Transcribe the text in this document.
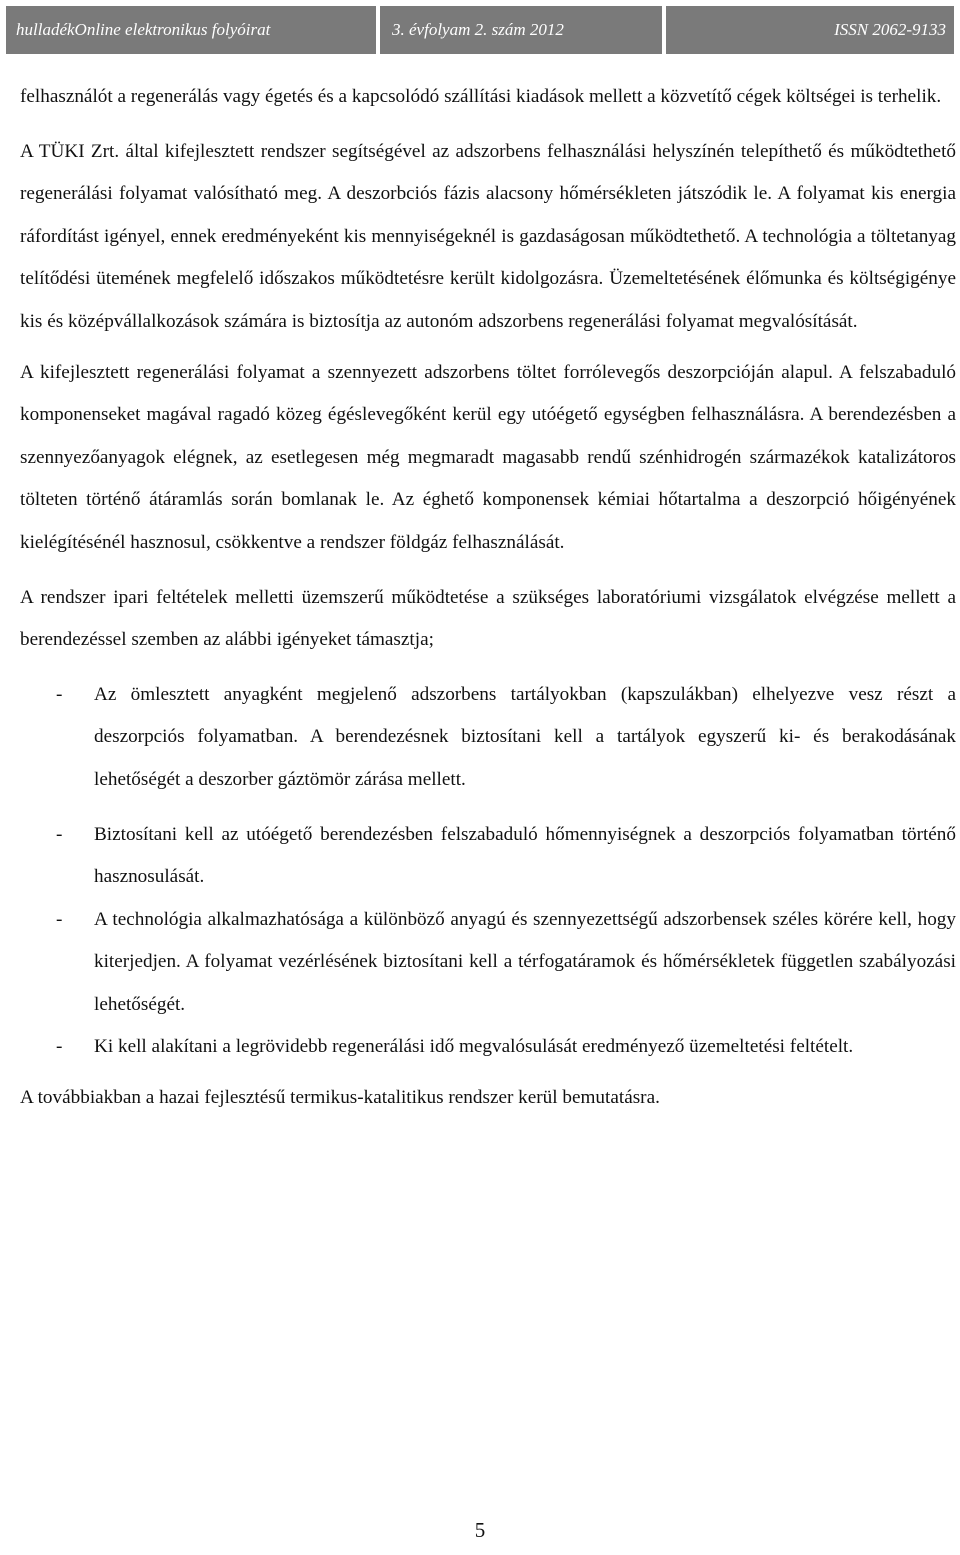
hulladékOnline elektronikus folyóirat	3. évfolyam 2. szám 2012	ISSN 2062-9133

felhasználót a regenerálás vagy égetés és a kapcsolódó szállítási kiadások mellett a közvetítő cégek költségei is terhelik.

A TÜKI Zrt. által kifejlesztett rendszer segítségével az adszorbens felhasználási helyszínén telepíthető és működtethető regenerálási folyamat valósítható meg. A deszorbciós fázis alacsony hőmérsékleten játszódik le. A folyamat kis energia ráfordítást igényel, ennek eredményeként kis mennyiségeknél is gazdaságosan működtethető. A technológia a töltetanyag telítődési ütemének megfelelő időszakos működtetésre került kidolgozásra. Üzemeltetésének élőmunka és költségigénye kis és középvállalkozások számára is biztosítja az autonóm adszorbens regenerálási folyamat megvalósítását.

A kifejlesztett regenerálási folyamat a szennyezett adszorbens töltet forrólevegős deszorpcióján alapul. A felszabaduló komponenseket magával ragadó közeg égéslevegőként kerül egy utóégető egységben felhasználásra. A berendezésben a szennyezőanyagok elégnek, az esetlegesen még megmaradt magasabb rendű szénhidrogén származékok katalizátoros tölteten történő átáramlás során bomlanak le. Az éghető komponensek kémiai hőtartalma a deszorpció hőigényének kielégítésénél hasznosul, csökkentve a rendszer földgáz felhasználását.

A rendszer ipari feltételek melletti üzemszerű működtetése a szükséges laboratóriumi vizsgálatok elvégzése mellett a berendezéssel szemben az alábbi igényeket támasztja;

- Az ömlesztett anyagként megjelenő adszorbens tartályokban (kapszulákban) elhelyezve vesz részt a deszorpciós folyamatban. A berendezésnek biztosítani kell a tartályok egyszerű ki- és berakodásának lehetőségét a deszorber gáztömör zárása mellett.
- Biztosítani kell az utóégető berendezésben felszabaduló hőmennyiségnek a deszorpciós folyamatban történő hasznosulását.
- A technológia alkalmazhatósága a különböző anyagú és szennyezettségű adszorbensek széles körére kell, hogy kiterjedjen. A folyamat vezérlésének biztosítani kell a térfogatáramok és hőmérsékletek független szabályozási lehetőségét.
- Ki kell alakítani a legrövidebb regenerálási idő megvalósulását eredményező üzemeltetési feltételt.

A továbbiakban a hazai fejlesztésű termikus-katalitikus rendszer kerül bemutatásra.

5
